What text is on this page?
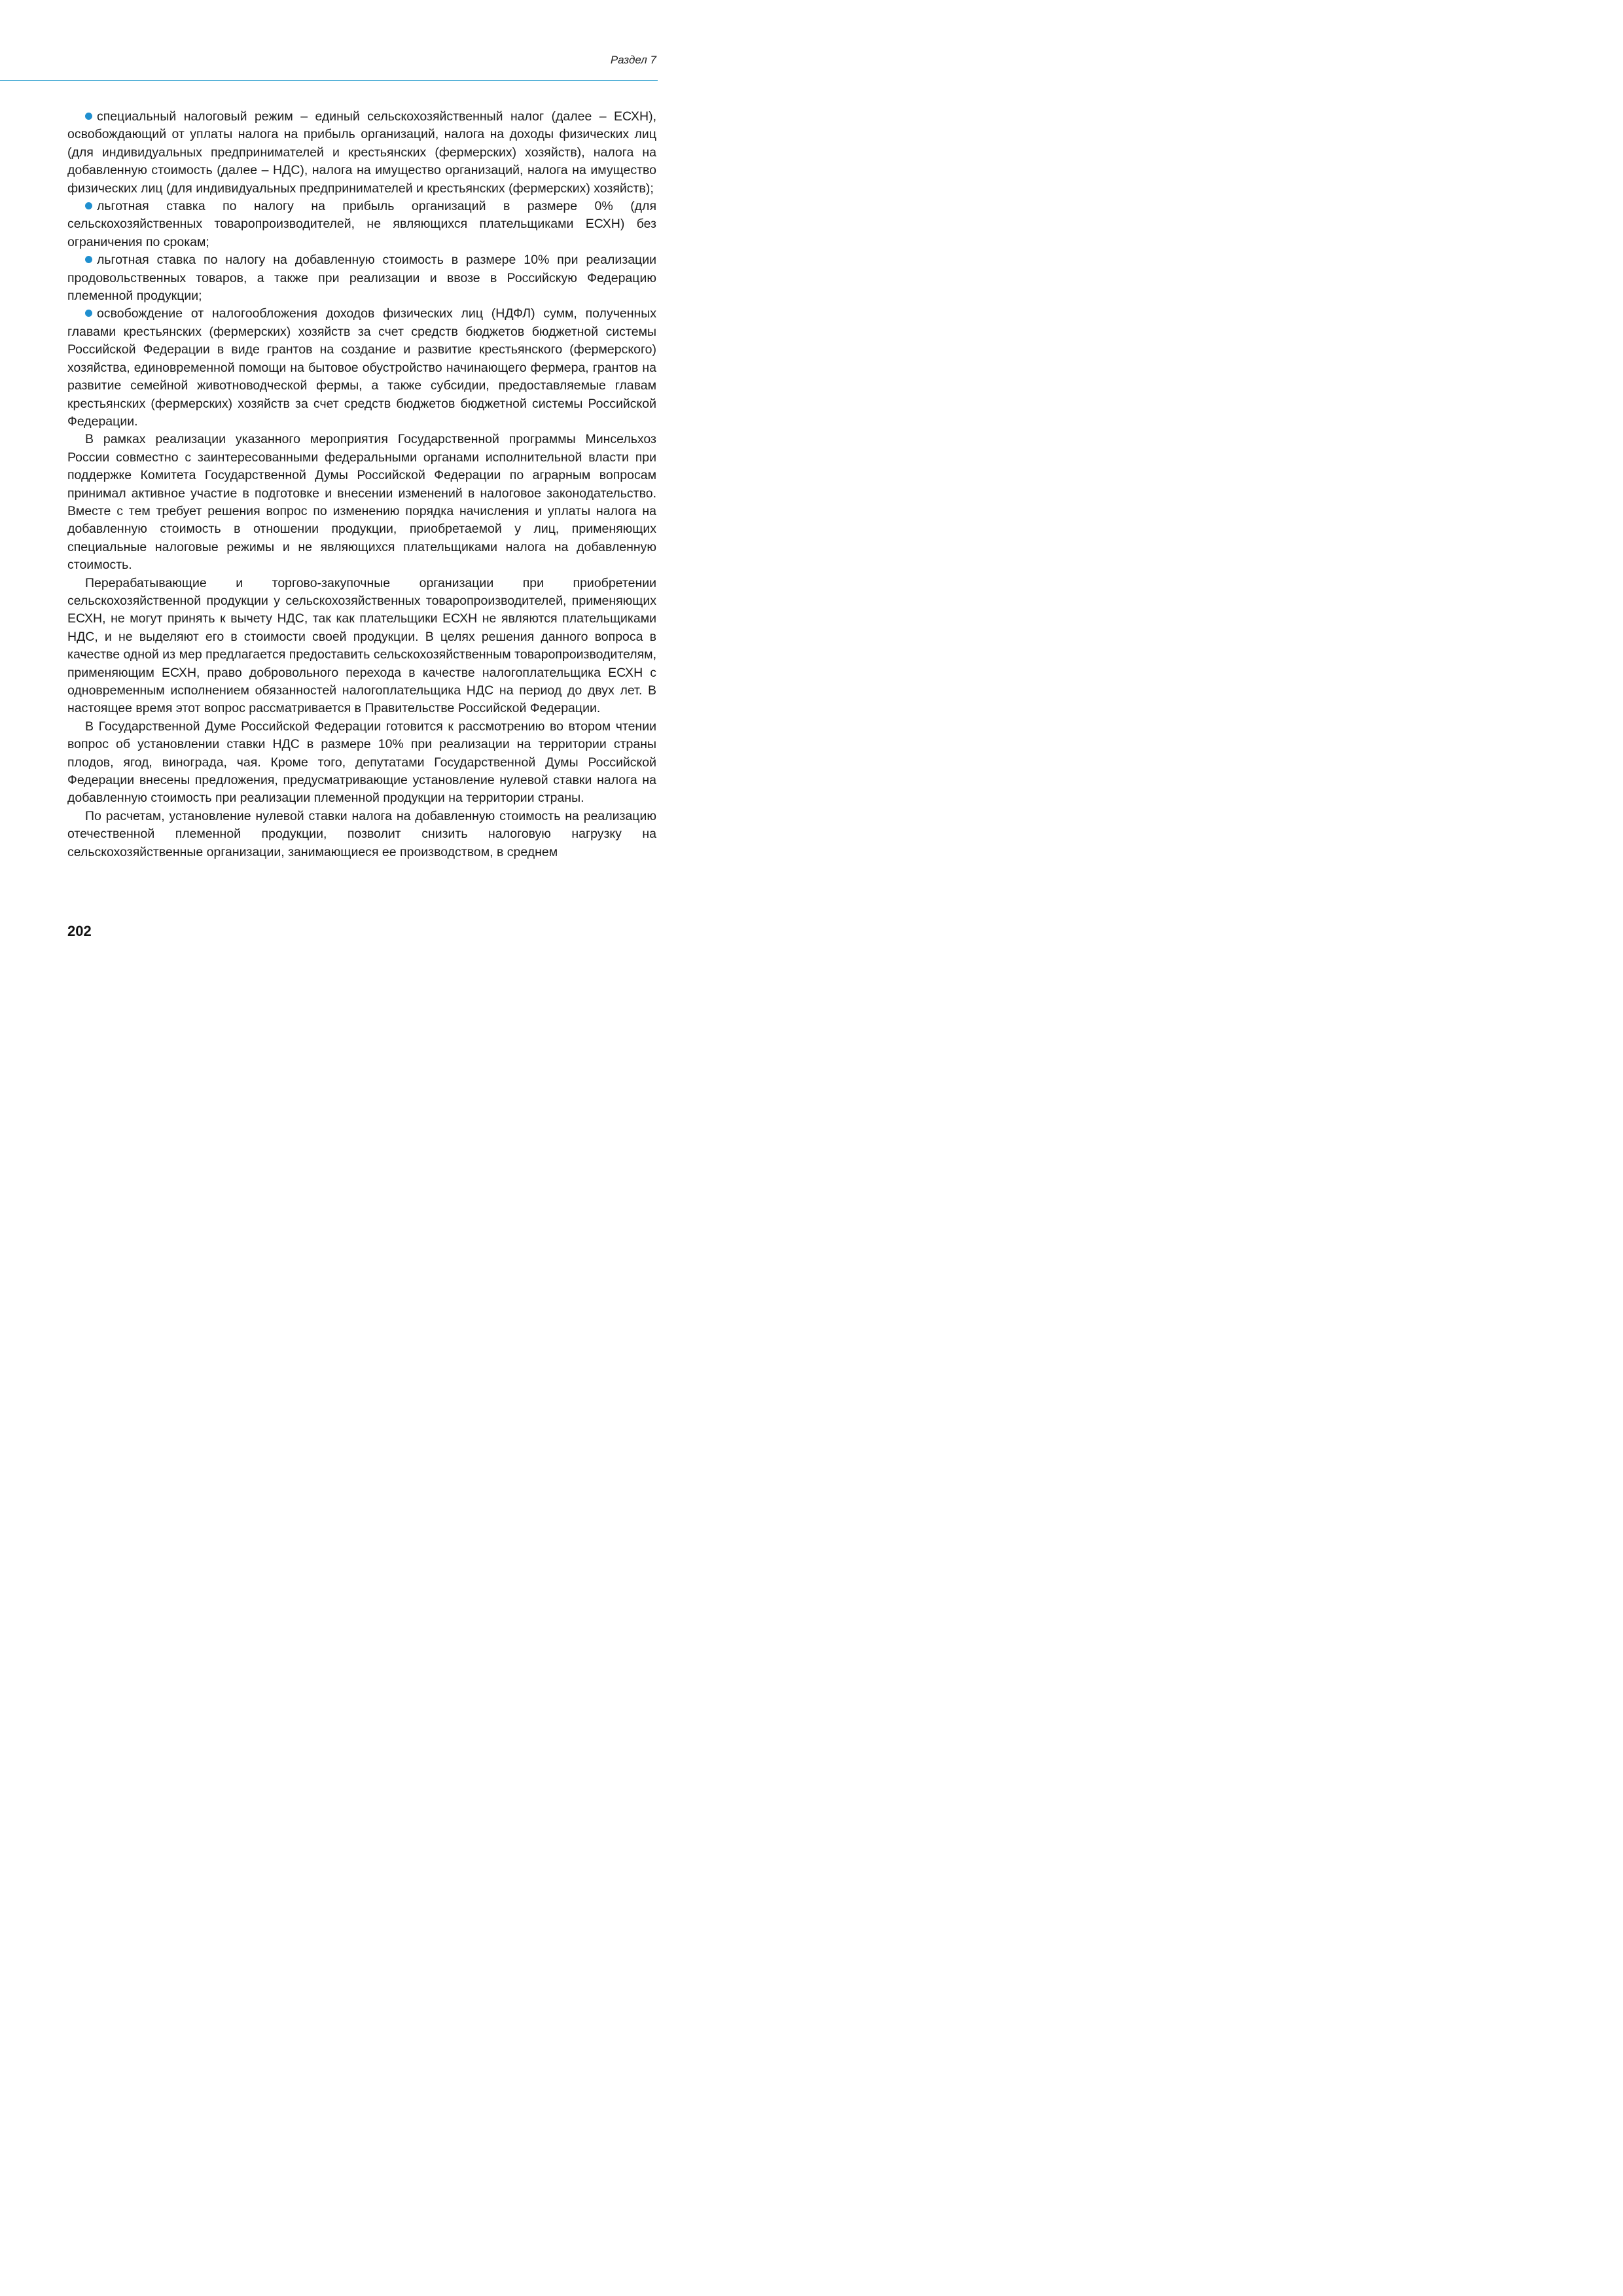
Раздел 7

специальный налоговый режим – единый сельскохозяйственный налог (далее – ЕСХН), освобождающий от уплаты налога на прибыль организаций, налога на доходы физических лиц (для индивидуальных предпринимателей и крестьянских (фермерских) хозяйств), налога на добавленную стоимость (далее – НДС), налога на имущество организаций, налога на имущество физических лиц (для индивидуальных предпринимателей и крестьянских (фермерских) хозяйств);

льготная ставка по налогу на прибыль организаций в размере 0% (для сельскохозяйственных товаропроизводителей, не являющихся плательщиками ЕСХН) без ограничения по срокам;

льготная ставка по налогу на добавленную стоимость в размере 10% при реализации продовольственных товаров, а также при реализации и ввозе в Российскую Федерацию племенной продукции;

освобождение от налогообложения доходов физических лиц (НДФЛ) сумм, полученных главами крестьянских (фермерских) хозяйств за счет средств бюджетов бюджетной системы Российской Федерации в виде грантов на создание и развитие крестьянского (фермерского) хозяйства, единовременной помощи на бытовое обустройство начинающего фермера, грантов на развитие семейной животноводческой фермы, а также субсидии, предоставляемые главам крестьянских (фермерских) хозяйств за счет средств бюджетов бюджетной системы Российской Федерации.

В рамках реализации указанного мероприятия Государственной программы Минсельхоз России совместно с заинтересованными федеральными органами исполнительной власти при поддержке Комитета Государственной Думы Российской Федерации по аграрным вопросам принимал активное участие в подготовке и внесении изменений в налоговое законодательство. Вместе с тем требует решения вопрос по изменению порядка начисления и уплаты налога на добавленную стоимость в отношении продукции, приобретаемой у лиц, применяющих специальные налоговые режимы и не являющихся плательщиками налога на добавленную стоимость.

Перерабатывающие и торгово-закупочные организации при приобретении сельскохозяйственной продукции у сельскохозяйственных товаропроизводителей, применяющих ЕСХН, не могут принять к вычету НДС, так как плательщики ЕСХН не являются плательщиками НДС, и не выделяют его в стоимости своей продукции. В целях решения данного вопроса в качестве одной из мер предлагается предоставить сельскохозяйственным товаропроизводителям, применяющим ЕСХН, право добровольного перехода в качестве налогоплательщика ЕСХН с одновременным исполнением обязанностей налогоплательщика НДС на период до двух лет. В настоящее время этот вопрос рассматривается в Правительстве Российской Федерации.

В Государственной Думе Российской Федерации готовится к рассмотрению во втором чтении вопрос об установлении ставки НДС в размере 10% при реализации на территории страны плодов, ягод, винограда, чая. Кроме того, депутатами Государственной Думы Российской Федерации внесены предложения, предусматривающие установление нулевой ставки налога на добавленную стоимость при реализации племенной продукции на территории страны.

По расчетам, установление нулевой ставки налога на добавленную стоимость на реализацию отечественной племенной продукции, позволит снизить налоговую нагрузку на сельскохозяйственные организации, занимающиеся ее производством, в среднем

202
